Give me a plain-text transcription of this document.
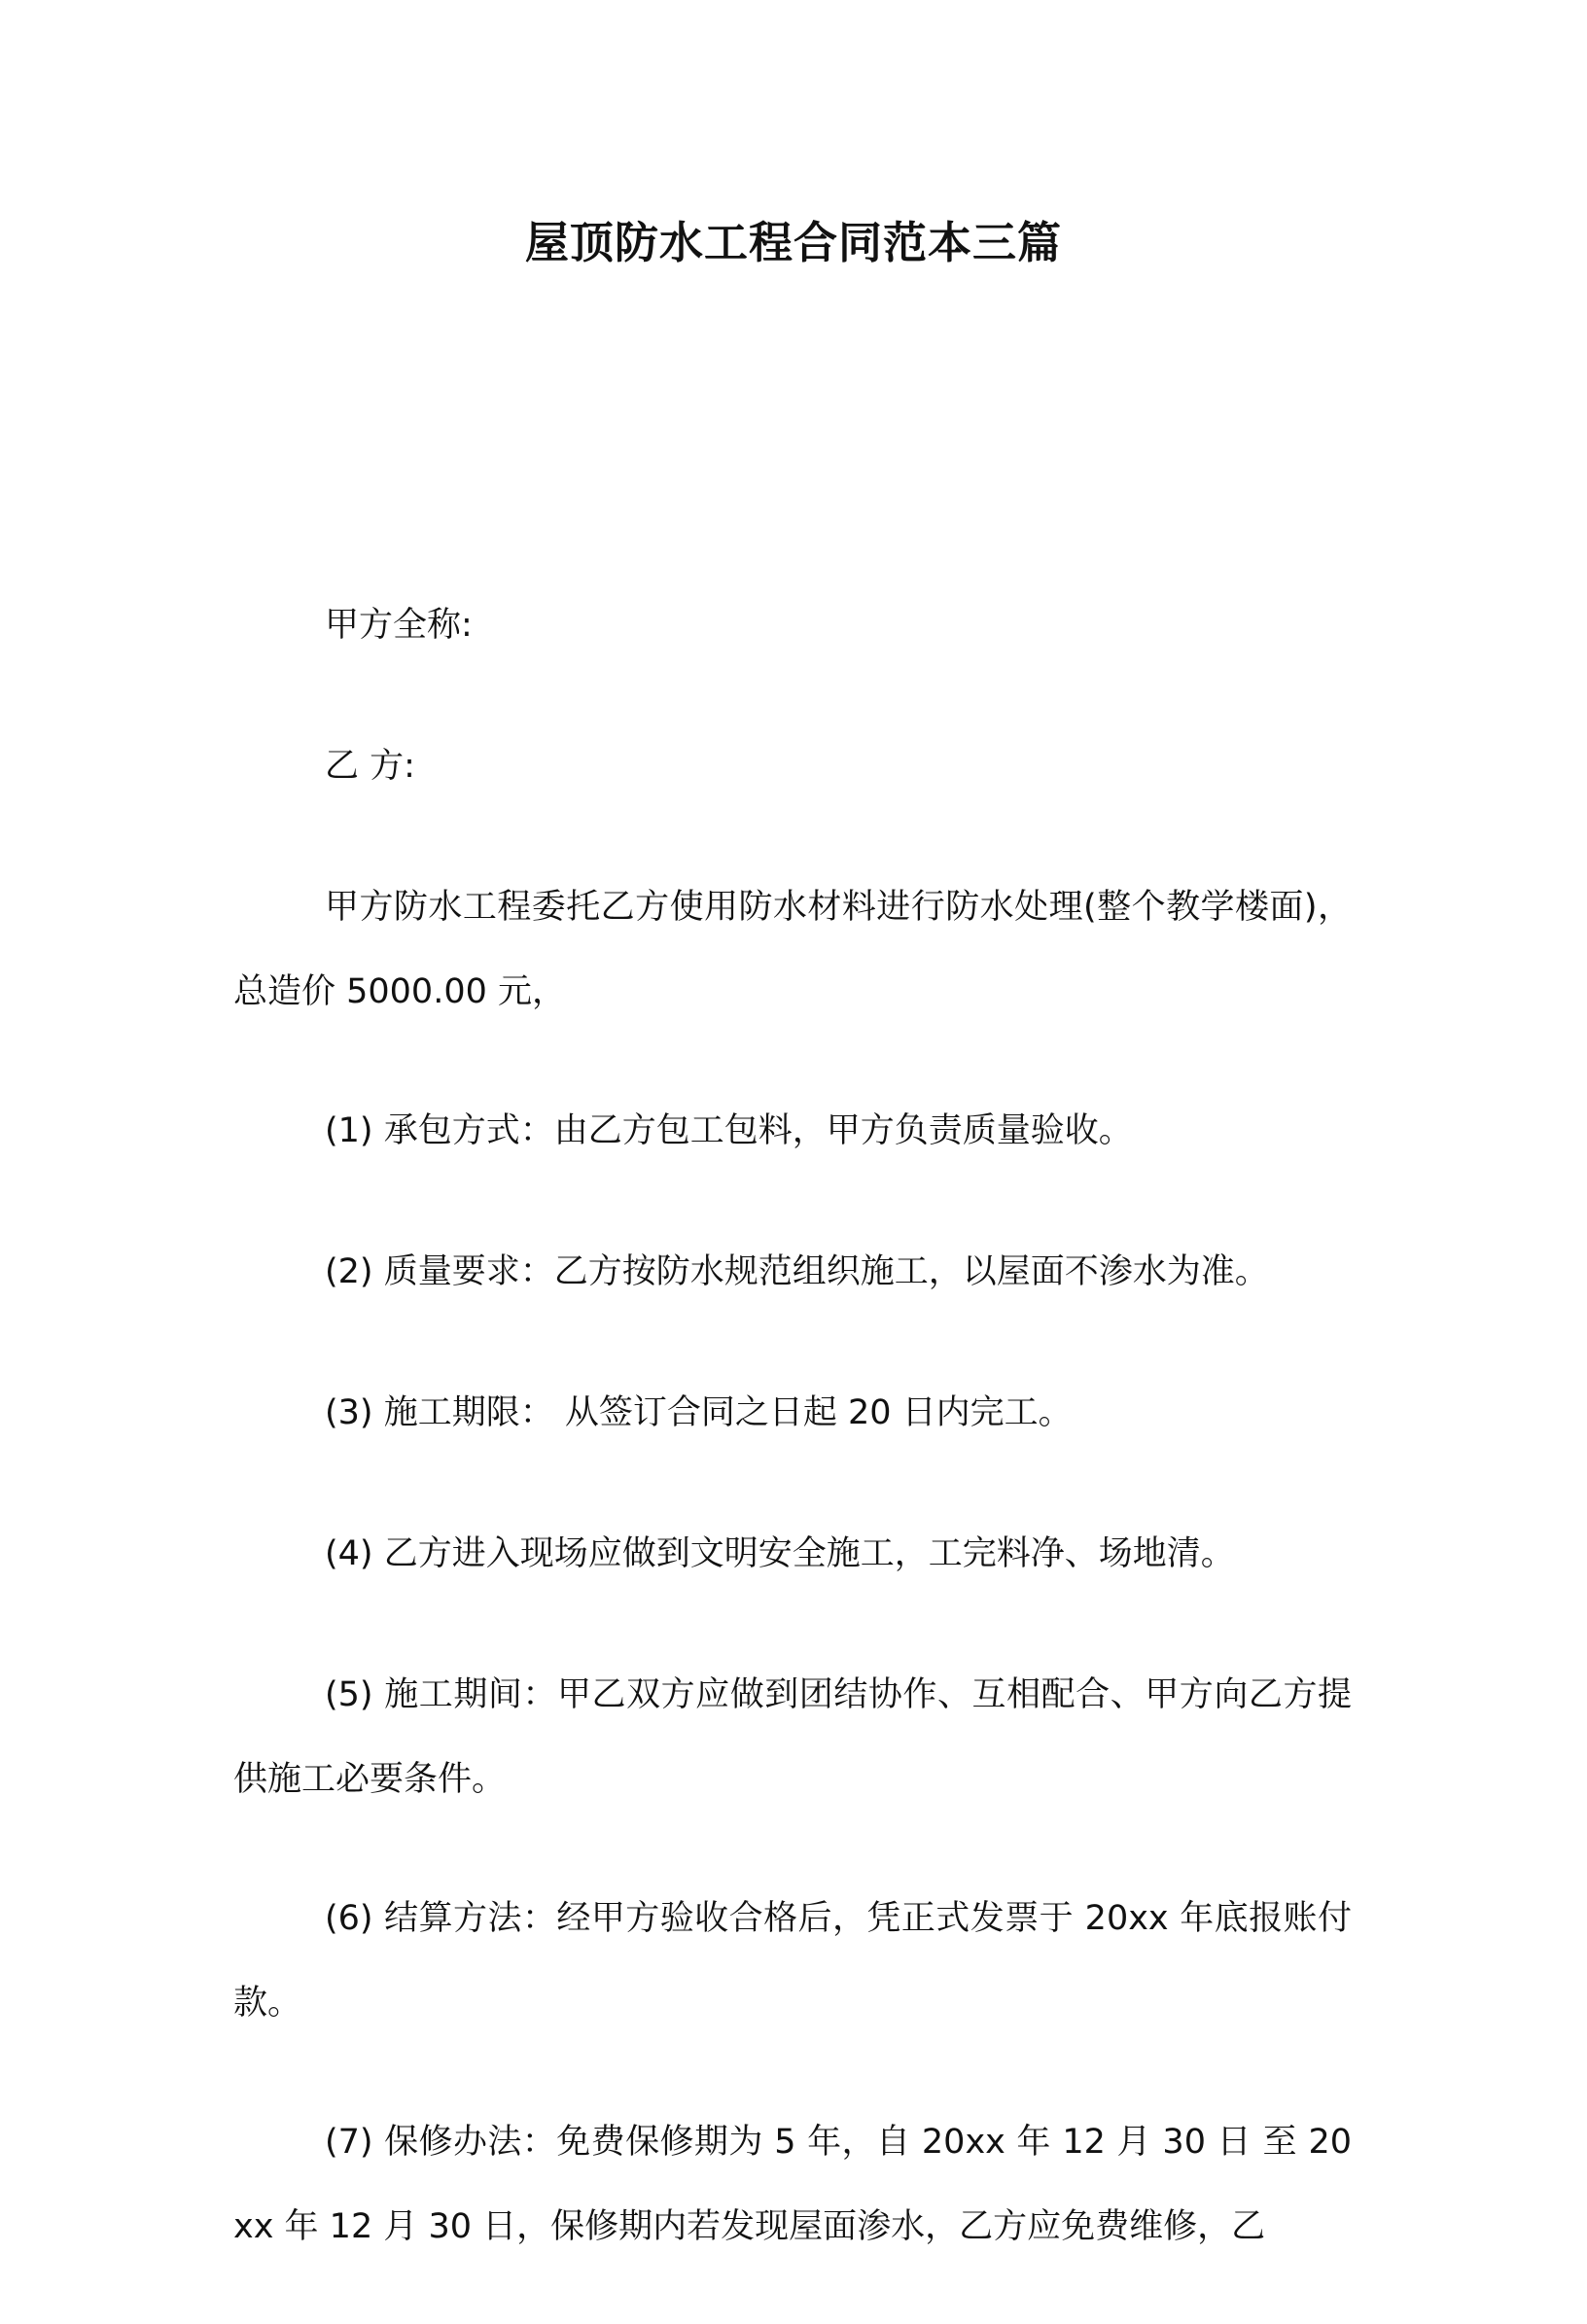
屋顶防水工程合同范本三篇

甲方全称:

乙 方:

甲方防水工程委托乙方使用防水材料进行防水处理(整个教学楼面)，总造价 5000.00 元，

(1) 承包方式：由乙方包工包料，甲方负责质量验收。

(2) 质量要求：乙方按防水规范组织施工，以屋面不渗水为准。

(3) 施工期限： 从签订合同之日起 20 日内完工。

(4) 乙方进入现场应做到文明安全施工，工完料净、场地清。

(5) 施工期间：甲乙双方应做到团结协作、互相配合、甲方向乙方提供施工必要条件。

(6) 结算方法：经甲方验收合格后，凭正式发票于 20xx 年底报账付款。

(7) 保修办法：免费保修期为 5 年，自 20xx 年 12 月 30 日 至 20xx 年 12 月 30 日，保修期内若发现屋面渗水，乙方应免费维修，乙
